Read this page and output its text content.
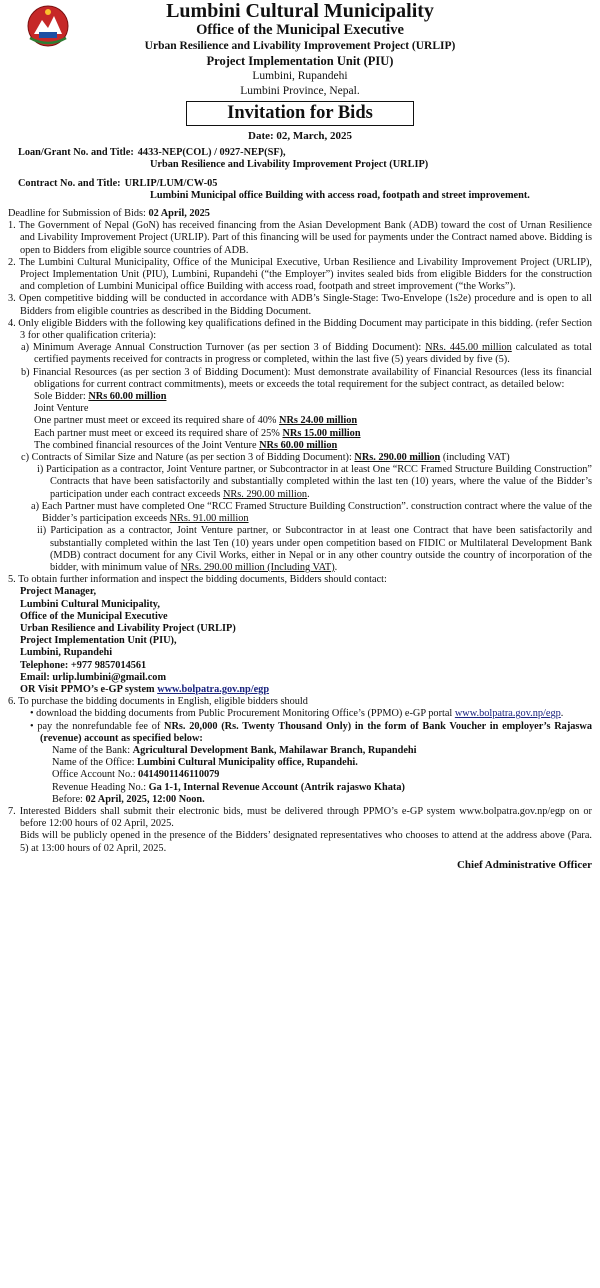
Lumbini Cultural Municipality
Office of the Municipal Executive
Urban Resilience and Livability Improvement Project (URLIP)
Project Implementation Unit (PIU)
Lumbini, Rupandehi
Lumbini Province, Nepal.
Invitation for Bids
Date: 02, March, 2025
Loan/Grant No. and Title: 4433-NEP(COL) / 0927-NEP(SF),
Urban Resilience and Livability Improvement Project (URLIP)
Contract No. and Title: URLIP/LUM/CW-05
Lumbini Municipal office Building with access road, footpath and street improvement.

Deadline for Submission of Bids: 02 April, 2025

1. The Government of Nepal (GoN) has received financing from the Asian Development Bank (ADB) toward the cost of Urnan Resilience and Livability Improvement Project (URLIP). Part of this financing will be used for payments under the Contract named above. Bidding is open to Bidders from eligible source countries of ADB.

2. The Lumbini Cultural Municipality, Office of the Municipal Executive, Urban Resilience and Livability Improvement Project (URLIP), Project Implementation Unit (PIU), Lumbini, Rupandehi (“the Employer”) invites sealed bids from eligible Bidders for the construction and completion of Lumbini Municipal office Building with access road, footpath and street improvement (“the Works”).

3. Open competitive bidding will be conducted in accordance with ADB’s Single-Stage: Two-Envelope (1s2e) procedure and is open to all Bidders from eligible countries as described in the Bidding Document.

4. Only eligible Bidders with the following key qualifications defined in the Bidding Document may participate in this bidding. (refer Section 3 for other qualification criteria):

a) Minimum Average Annual Construction Turnover (as per section 3 of Bidding Document): NRs. 445.00 million calculated as total certified payments received for contracts in progress or completed, within the last five (5) years divided by five (5).

b) Financial Resources (as per section 3 of Bidding Document): Must demonstrate availability of Financial Resources (less its financial obligations for current contract commitments), meets or exceeds the total requirement for the subject contract, as detailed below:

Sole Bidder: NRs 60.00 million

Joint Venture

One partner must meet or exceed its required share of 40% NRs 24.00 million

Each partner must meet or exceed its required share of 25% NRs 15.00 million

The combined financial resources of the Joint Venture NRs 60.00 million

c) Contracts of Similar Size and Nature (as per section 3 of Bidding Document): NRs. 290.00 million (including VAT)

i) Participation as a contractor, Joint Venture partner, or Subcontractor in at least One “RCC Framed Structure Building Construction” Contracts that have been satisfactorily and substantially completed within the last ten (10) years, where the value of the Bidder’s participation under each contract exceeds NRs. 290.00 million.

a) Each Partner must have completed One “RCC Framed Structure Building Construction”. construction contract where the value of the Bidder’s participation exceeds NRs. 91.00 million

ii) Participation as a contractor, Joint Venture partner, or Subcontractor in at least one Contract that have been satisfactorily and substantially completed within the last Ten (10) years under open competition based on FIDIC or Multilateral Development Bank (MDB) contract document for any Civil Works, either in Nepal or in any other country outside the country of incorporation of the bidder, with minimum value of NRs. 290.00 million (Including VAT).

5. To obtain further information and inspect the bidding documents, Bidders should contact:

Project Manager,

Lumbini Cultural Municipality,

Office of the Municipal Executive

Urban Resilience and Livability Project (URLIP)

Project Implementation Unit (PIU),

Lumbini, Rupandehi

Telephone: +977 9857014561

Email: urlip.lumbini@gmail.com

OR Visit PPMO’s e-GP system www.bolpatra.gov.np/egp

6. To purchase the bidding documents in English, eligible bidders should

• download the bidding documents from Public Procurement Monitoring Office’s (PPMO) e-GP portal www.bolpatra.gov.np/egp.

• pay the nonrefundable fee of NRs. 20,000 (Rs. Twenty Thousand Only) in the form of Bank Voucher in employer’s Rajaswa (revenue) account as specified below:

Name of the Bank: Agricultural Development Bank, Mahilawar Branch, Rupandehi

Name of the Office: Lumbini Cultural Municipality office, Rupandehi.

Office Account No.: 0414901146110079

Revenue Heading No.: Ga 1-1, Internal Revenue Account (Antrik rajaswo Khata)

Before: 02 April, 2025, 12:00 Noon.

7. Interested Bidders shall submit their electronic bids, must be delivered through PPMO’s e-GP system www.bolpatra.gov.np/egp on or before 12:00 hours of 02 April, 2025.

Bids will be publicly opened in the presence of the Bidders’ designated representatives who chooses to attend at the address above (Para. 5) at 13:00 hours of 02 April, 2025.

Chief Administrative Officer
